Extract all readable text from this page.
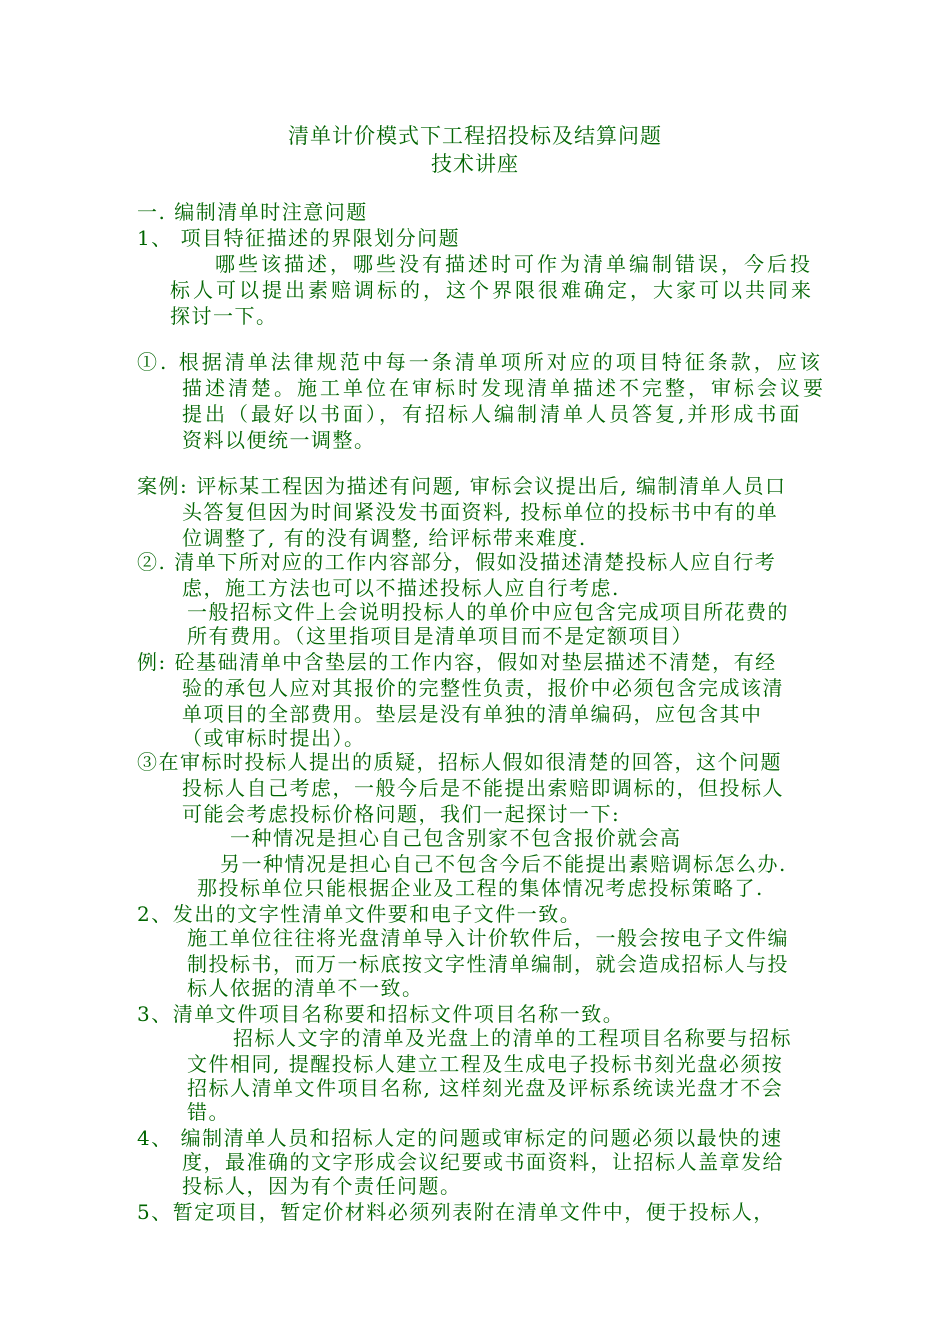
清单计价模式下工程招投标及结算问题
技术讲座
一. 编制清单时注意问题
1、 项目特征描述的界限划分问题
哪些该描述，哪些没有描述时可作为清单编制错误，今后投
标人可以提出素赔调标的，这个界限很难确定，大家可以共同来
探讨一下。
①. 根据清单法律规范中每一条清单项所对应的项目特征条款，应该
描述清楚。施工单位在审标时发现清单描述不完整，审标会议要
提出（最好以书面），有招标人编制清单人员答复,并形成书面
资料以便统一调整。
案例: 评标某工程因为描述有问题, 审标会议提出后, 编制清单人员口
头答复但因为时间紧没发书面资料, 投标单位的投标书中有的单
位调整了, 有的没有调整, 给评标带来难度.
②. 清单下所对应的工作内容部分，假如没描述清楚投标人应自行考
虑，施工方法也可以不描述投标人应自行考虑.
一般招标文件上会说明投标人的单价中应包含完成项目所花费的
所有费用。（这里指项目是清单项目而不是定额项目）
例: 砼基础清单中含垫层的工作内容，假如对垫层描述不清楚，有经
验的承包人应对其报价的完整性负责，报价中必须包含完成该清
单项目的全部费用。垫层是没有单独的清单编码，应包含其中
（或审标时提出）。
③在审标时投标人提出的质疑，招标人假如很清楚的回答，这个问题
投标人自己考虑，一般今后是不能提出索赔即调标的，但投标人
可能会考虑投标价格问题，我们一起探讨一下:
一种情况是担心自己包含别家不包含报价就会高
另一种情况是担心自己不包含今后不能提出素赔调标怎么办.
那投标单位只能根据企业及工程的集体情况考虑投标策略了.
2、发出的文字性清单文件要和电子文件一致。
施工单位往往将光盘清单导入计价软件后，一般会按电子文件编
制投标书，而万一标底按文字性清单编制，就会造成招标人与投
标人依据的清单不一致。
3、清单文件项目名称要和招标文件项目名称一致。
招标人文字的清单及光盘上的清单的工程项目名称要与招标
文件相同, 提醒投标人建立工程及生成电子投标书刻光盘必须按
招标人清单文件项目名称, 这样刻光盘及评标系统读光盘才不会
错。
4、 编制清单人员和招标人定的问题或审标定的问题必须以最快的速
度，最准确的文字形成会议纪要或书面资料，让招标人盖章发给
投标人，因为有个责任问题。
5、暂定项目，暂定价材料必须列表附在清单文件中，便于投标人，
